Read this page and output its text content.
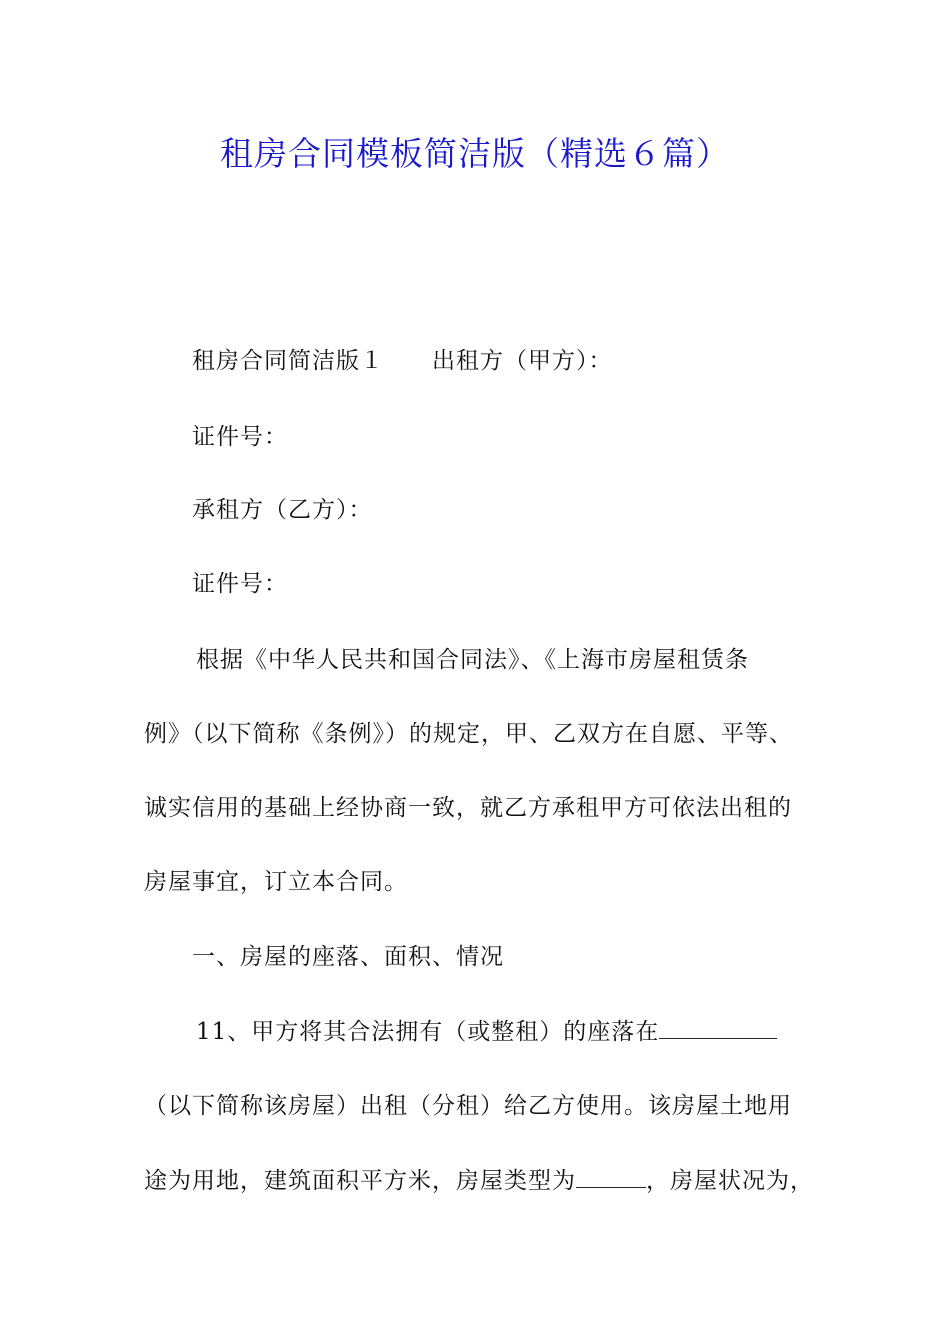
租房合同模板简洁版（精选６篇）
租房合同简洁版１ 出租方（甲方）：
证件号：
承租方（乙方）：
证件号：
根据《中华人民共和国合同法》、《上海市房屋租赁条
例》（以下简称《条例》）的规定，甲、乙双方在自愿、平等、
诚实信用的基础上经协商一致，就乙方承租甲方可依法出租的
房屋事宜，订立本合同。
一、房屋的座落、面积、情况
11、甲方将其合法拥有（或整租）的座落在
（以下简称该房屋）出租（分租）给乙方使用。该房屋土地用
途为用地，建筑面积平方米，房屋类型为	，房屋状况为，
